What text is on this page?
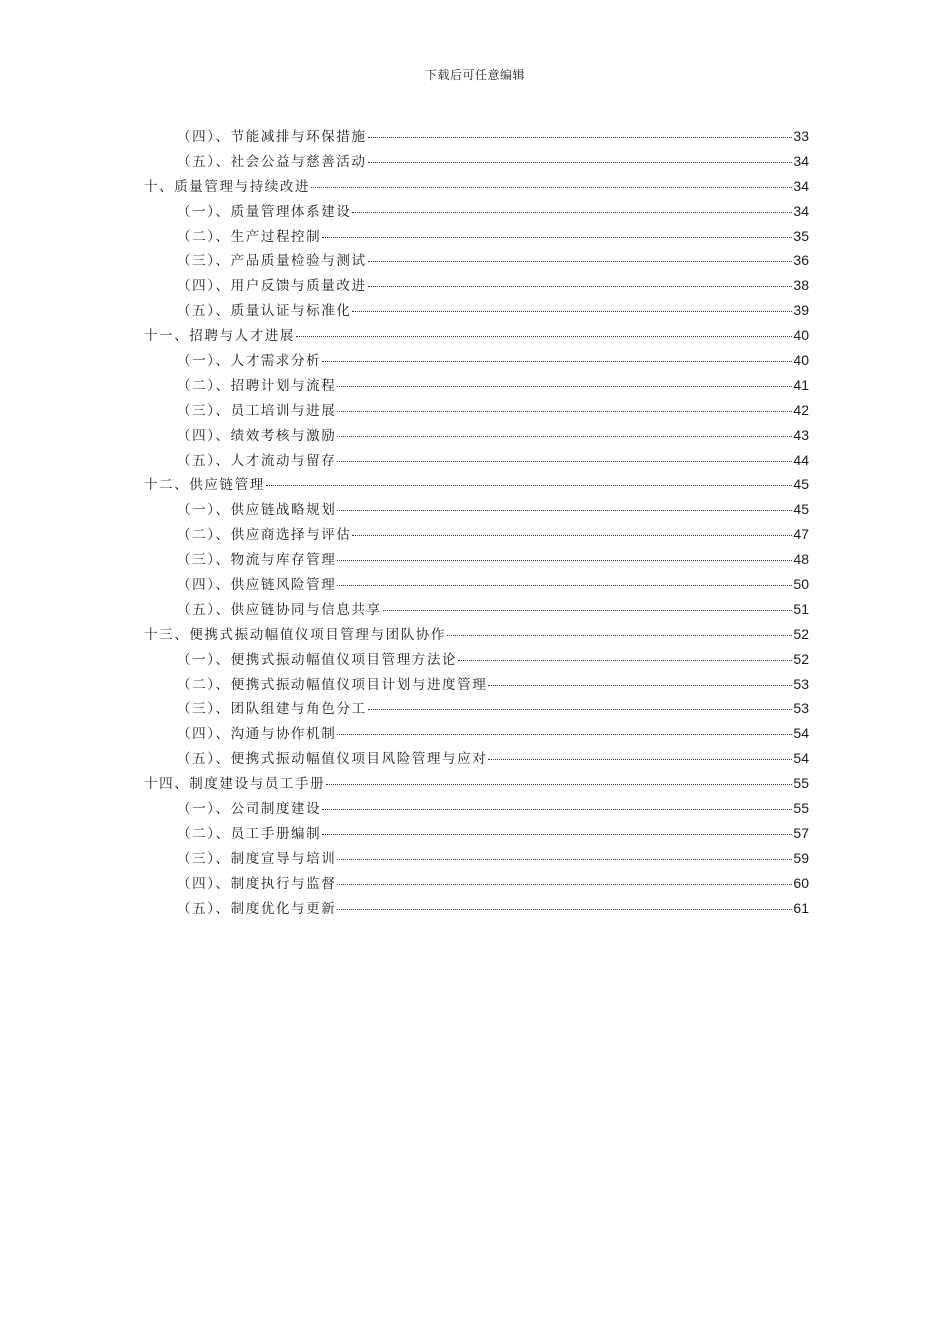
下载后可任意编辑
（四）、节能减排与环保措施	33
（五）、社会公益与慈善活动	34
十、质量管理与持续改进	34
（一）、质量管理体系建设	34
（二）、生产过程控制	35
（三）、产品质量检验与测试	36
（四）、用户反馈与质量改进	38
（五）、质量认证与标准化	39
十一、招聘与人才进展	40
（一）、人才需求分析	40
（二）、招聘计划与流程	41
（三）、员工培训与进展	42
（四）、绩效考核与激励	43
（五）、人才流动与留存	44
十二、供应链管理	45
（一）、供应链战略规划	45
（二）、供应商选择与评估	47
（三）、物流与库存管理	48
（四）、供应链风险管理	50
（五）、供应链协同与信息共享	51
十三、便携式振动幅值仪项目管理与团队协作	52
（一）、便携式振动幅值仪项目管理方法论	52
（二）、便携式振动幅值仪项目计划与进度管理	53
（三）、团队组建与角色分工	53
（四）、沟通与协作机制	54
（五）、便携式振动幅值仪项目风险管理与应对	54
十四、制度建设与员工手册	55
（一）、公司制度建设	55
（二）、员工手册编制	57
（三）、制度宣导与培训	59
（四）、制度执行与监督	60
（五）、制度优化与更新	61
